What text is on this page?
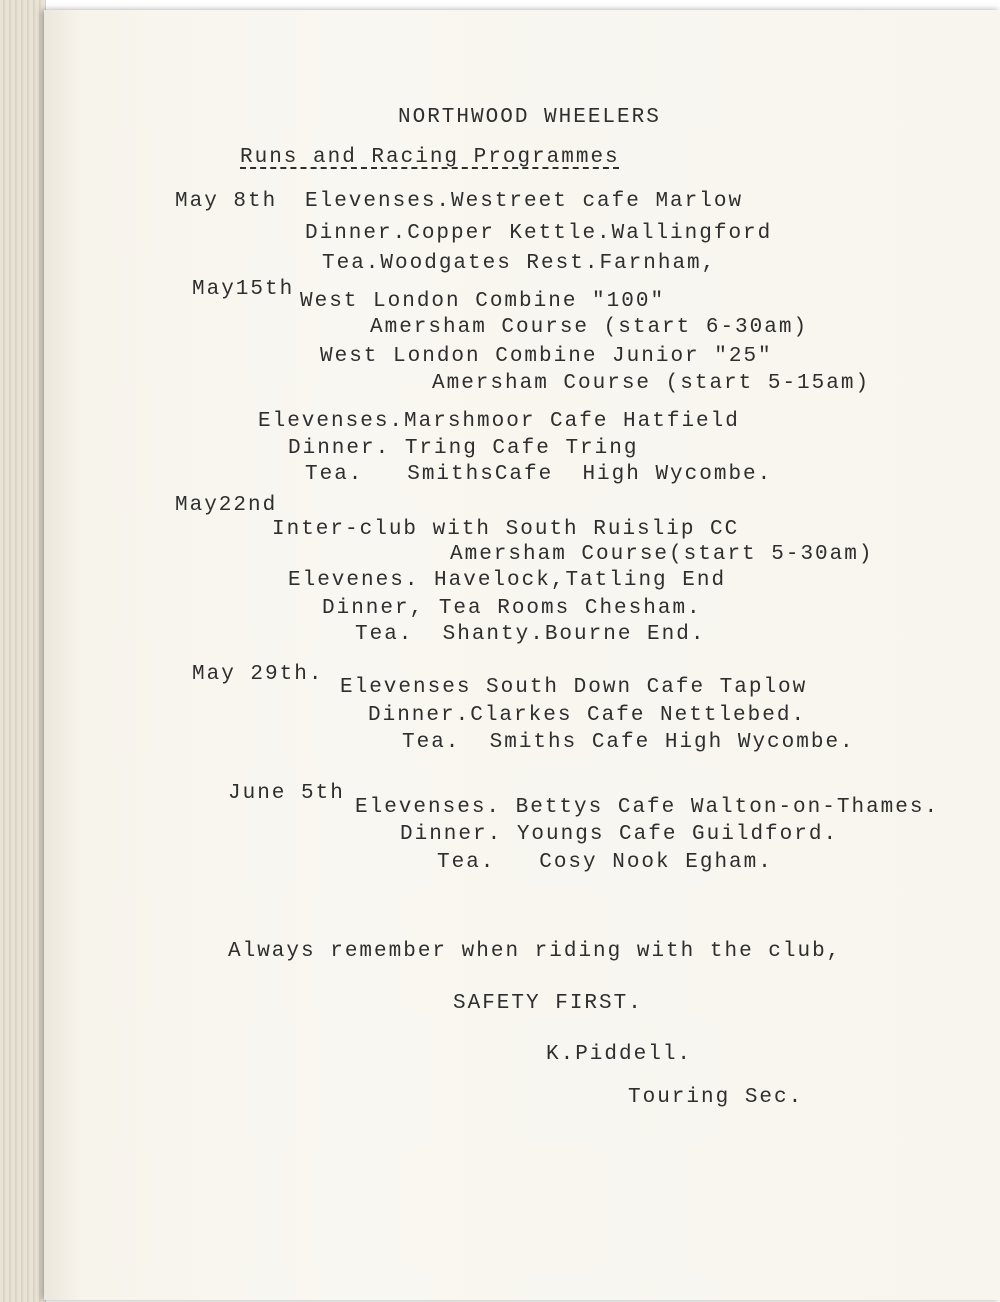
NORTHWOOD WHEELERS
Runs and Racing Programmes
May 8th Elevenses.Westreet cafe Marlow
Dinner.Copper Kettle.Wallingford
Tea.Woodgates Rest.Farnham,
May15th
West London Combine "100"
Amersham Course (start 6-30am)
West London Combine Junior "25"
Amersham Course (start 5-15am)
Elevenses.Marshmoor Cafe Hatfield
Dinner. Tring Cafe Tring
Tea.   SmithsCafe  High Wycombe.
May22nd
Inter-club with South Ruislip CC
Amersham Course(start 5-30am)
Elevenes. Havelock,Tatling End
Dinner, Tea Rooms Chesham.
Tea.  Shanty.Bourne End.
May 29th.
Elevenses South Down Cafe Taplow
Dinner.Clarkes Cafe Nettlebed.
Tea.  Smiths Cafe High Wycombe.
June 5th
Elevenses. Bettys Cafe Walton-on-Thames.
Dinner. Youngs Cafe Guildford.
Tea.   Cosy Nook Egham.
Always remember when riding with the club,
SAFETY FIRST.
K.Piddell.
Touring Sec.
